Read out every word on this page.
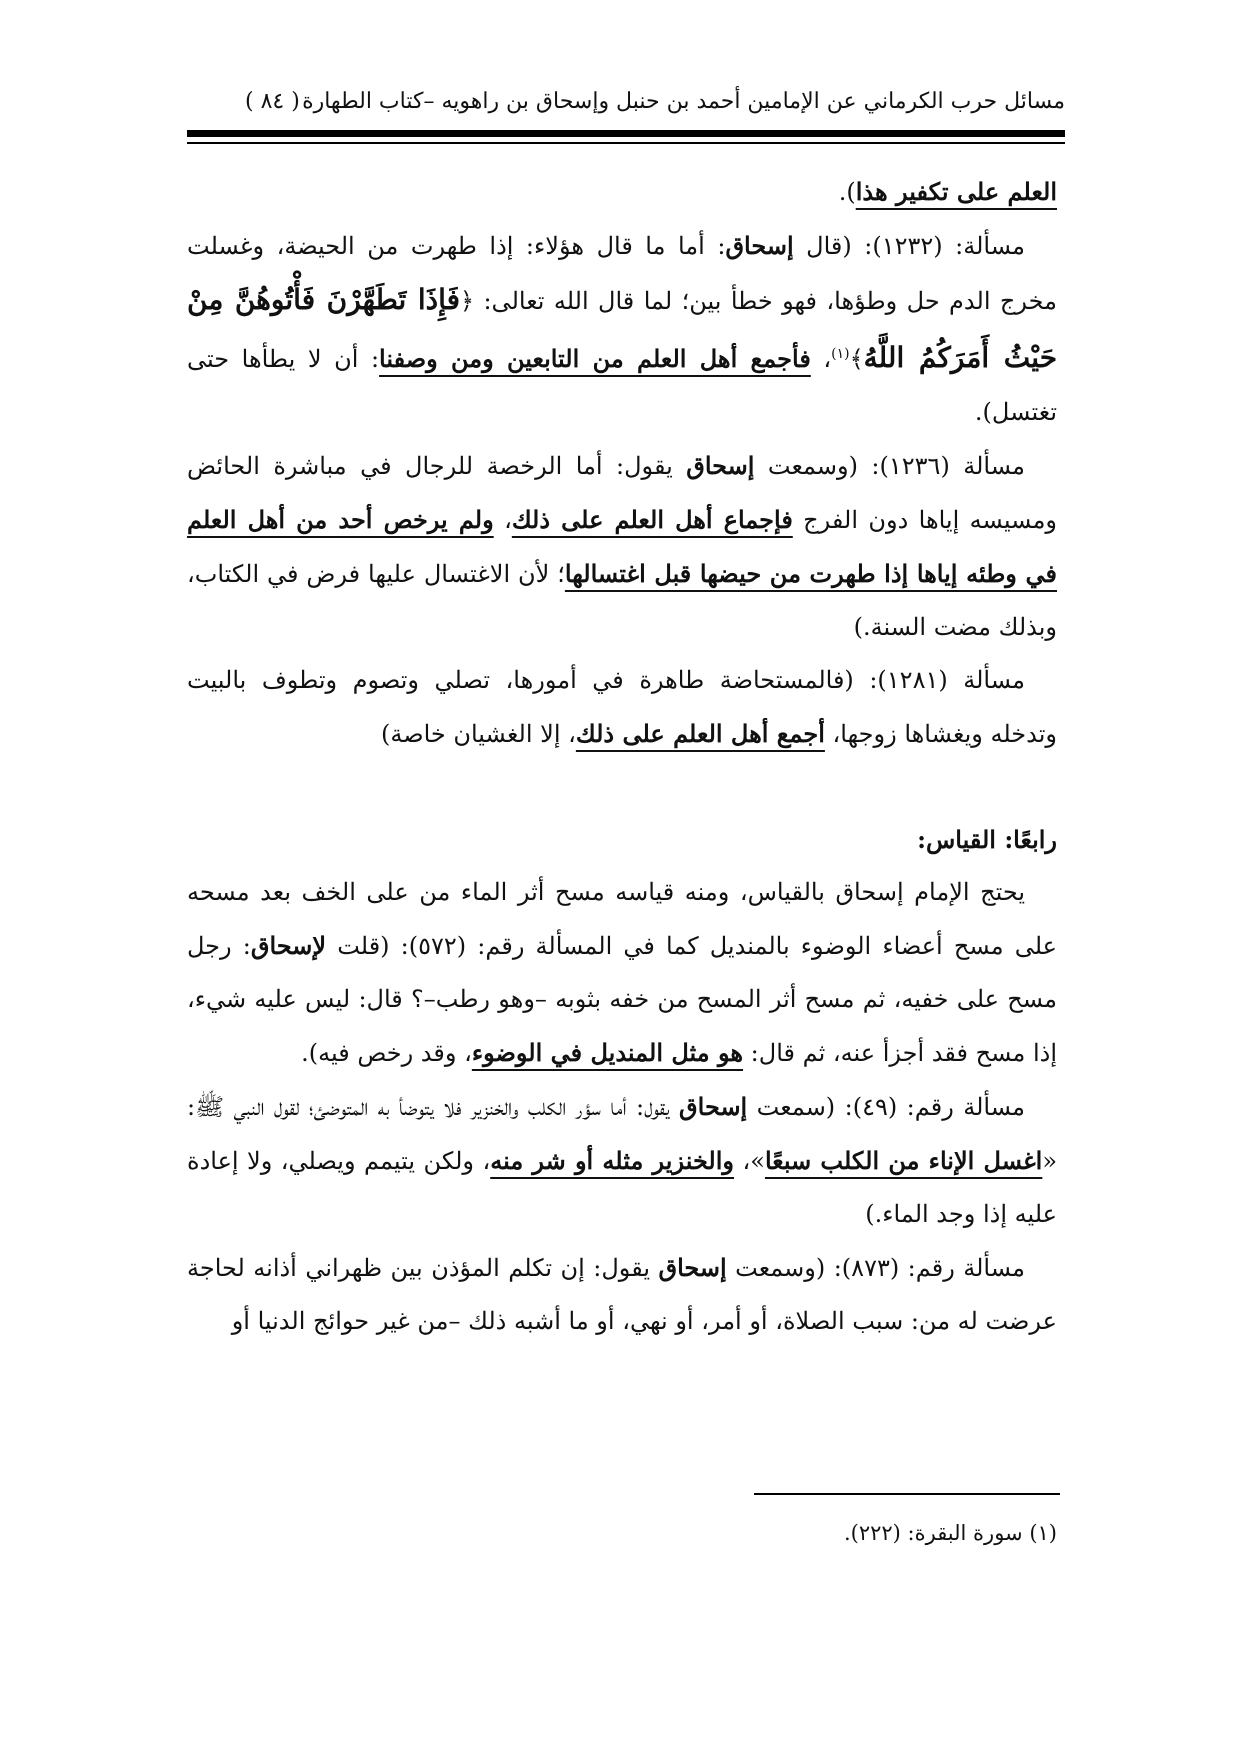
مسائل حرب الكرماني عن الإمامين أحمد بن حنبل وإسحاق بن راهويه –كتاب الطهارة
( ٨٤ )

العلم على تكفير هذا).

مسألة: (١٢٣٢): (قال إسحاق: أما ما قال هؤلاء: إذا طهرت من الحيضة، وغسلت مخرج الدم حل وطؤها، فهو خطأ بين؛ لما قال الله تعالى: ﴿فَإِذَا تَطَهَّرْنَ فَأْتُوهُنَّ مِنْ حَيْثُ أَمَرَكُمُ اللَّهُ﴾$^{(١)}$، فأجمع أهل العلم من التابعين ومن وصفنا: أن لا يطأها حتى تغتسل).

مسألة (١٢٣٦): (وسمعت إسحاق يقول: أما الرخصة للرجال في مباشرة الحائض ومسيسه إياها دون الفرج فإجماع أهل العلم على ذلك، ولم يرخص أحد من أهل العلم في وطئه إياها إذا طهرت من حيضها قبل اغتسالها؛ لأن الاغتسال عليها فرض في الكتاب، وبذلك مضت السنة.)

مسألة (١٢٨١): (فالمستحاضة طاهرة في أمورها، تصلي وتصوم وتطوف بالبيت وتدخله ويغشاها زوجها، أجمع أهل العلم على ذلك، إلا الغشيان خاصة)

رابعًا: القياس:

يحتج الإمام إسحاق بالقياس، ومنه قياسه مسح أثر الماء من على الخف بعد مسحه على مسح أعضاء الوضوء بالمنديل كما في المسألة رقم: (٥٧٢): (قلت لإسحاق: رجل مسح على خفيه، ثم مسح أثر المسح من خفه بثوبه –وهو رطب–؟ قال: ليس عليه شيء، إذا مسح فقد أجزأ عنه، ثم قال: هو مثل المنديل في الوضوء، وقد رخص فيه).

مسألة رقم: (٤٩): (سمعت إسحاق يقول: أما سؤر الكلب والخنزير فلا يتوضأ به المتوضئ؛ لقول النبي ﷺ: «اغسل الإناء من الكلب سبعًا»، والخنزير مثله أو شر منه، ولكن يتيمم ويصلي، ولا إعادة عليه إذا وجد الماء.)

مسألة رقم: (٨٧٣): (وسمعت إسحاق يقول: إن تكلم المؤذن بين ظهراني أذانه لحاجة عرضت له من: سبب الصلاة، أو أمر، أو نهي، أو ما أشبه ذلك –من غير حوائج الدنيا أو

(١) سورة البقرة: (٢٢٢).
